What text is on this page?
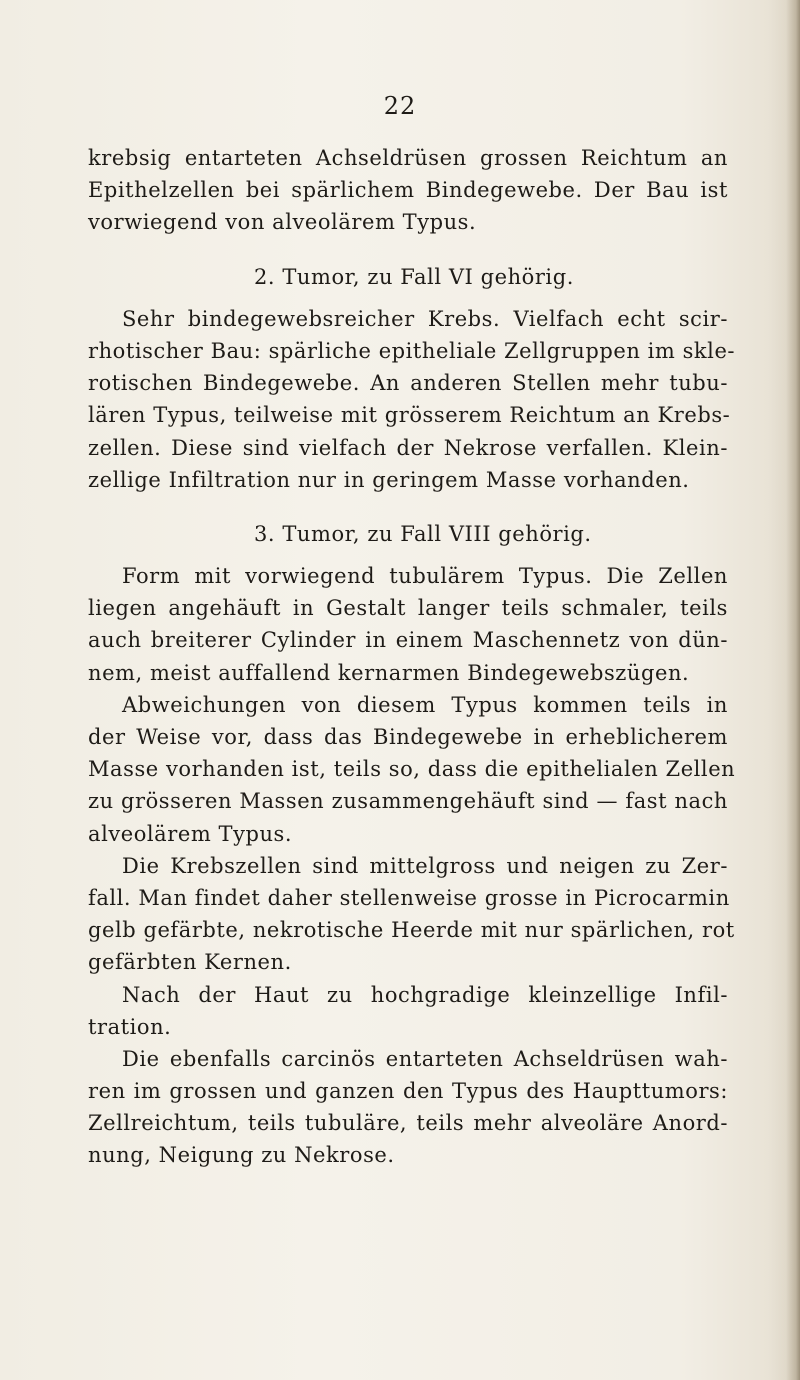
22
krebsig entarteten Achseldrüsen grossen Reichtum an
Epithelzellen bei spärlichem Bindegewebe. Der Bau ist
vorwiegend von alveolärem Typus.
2. Tumor, zu Fall VI gehörig.
Sehr bindegewebsreicher Krebs. Vielfach echt scir-
rhotischer Bau: spärliche epitheliale Zellgruppen im skle-
rotischen Bindegewebe. An anderen Stellen mehr tubu-
lären Typus, teilweise mit grösserem Reichtum an Krebs-
zellen. Diese sind vielfach der Nekrose verfallen. Klein-
zellige Infiltration nur in geringem Masse vorhanden.
3. Tumor, zu Fall VIII gehörig.
Form mit vorwiegend tubulärem Typus. Die Zellen
liegen angehäuft in Gestalt langer teils schmaler, teils
auch breiterer Cylinder in einem Maschennetz von dün-
nem, meist auffallend kernarmen Bindegewebszügen.
Abweichungen von diesem Typus kommen teils in
der Weise vor, dass das Bindegewebe in erheblicherem
Masse vorhanden ist, teils so, dass die epithelialen Zellen
zu grösseren Massen zusammengehäuft sind — fast nach
alveolärem Typus.
Die Krebszellen sind mittelgross und neigen zu Zer-
fall. Man findet daher stellenweise grosse in Picrocarmin
gelb gefärbte, nekrotische Heerde mit nur spärlichen, rot
gefärbten Kernen.
Nach der Haut zu hochgradige kleinzellige Infil-
tration.
Die ebenfalls carcinös entarteten Achseldrüsen wah-
ren im grossen und ganzen den Typus des Haupttumors:
Zellreichtum, teils tubuläre, teils mehr alveoläre Anord-
nung, Neigung zu Nekrose.
